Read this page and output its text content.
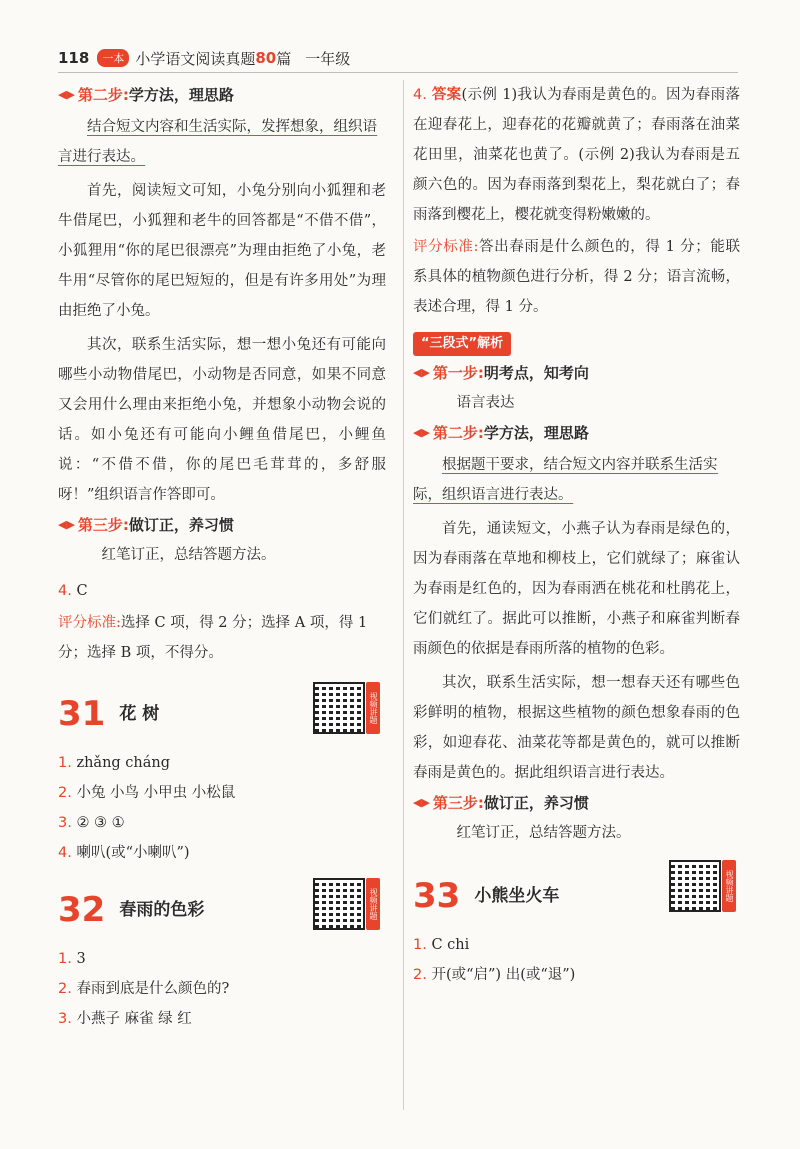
118	一本 小学语文阅读真题 80 篇 一年级
◀▶ 第二步: 学方法，理思路
结合短文内容和生活实际，发挥想象，组织语言进行表达。
首先，阅读短文可知，小兔分别向小狐狸和老牛借尾巴，小狐狸和老牛的回答都是“不借不借”，小狐狸用“你的尾巴很漂亮”为理由拒绝了小兔，老牛用“尽管你的尾巴短短的，但是有许多用处”为理由拒绝了小兔。
其次，联系生活实际，想一想小兔还有可能向哪些小动物借尾巴，小动物是否同意，如果不同意又会用什么理由来拒绝小兔，并想象小动物会说的话。如小兔还有可能向小鲤鱼借尾巴，小鲤鱼说：“不借不借，你的尾巴毛茸茸的，多舒服呀！”组织语言作答即可。
◀▶ 第三步: 做订正，养习惯
红笔订正，总结答题方法。
4. C
评分标准:选择 C 项，得 2 分；选择 A 项，得 1 分；选择 B 项，不得分。
31 花 树	视频讲题
1. zhǎng cháng
2. 小兔 小鸟 小甲虫 小松鼠
3. ② ③ ①
4. 喇叭(或“小喇叭”)
32 春雨的色彩	视频讲题
1. 3
2. 春雨到底是什么颜色的?
3. 小燕子 麻雀 绿 红
4. 答案(示例 1)我认为春雨是黄色的。因为春雨落在迎春花上，迎春花的花瓣就黄了；春雨落在油菜花田里，油菜花也黄了。(示例 2)我认为春雨是五颜六色的。因为春雨落到梨花上，梨花就白了；春雨落到樱花上，樱花就变得粉嫩嫩的。
评分标准:答出春雨是什么颜色的，得 1 分；能联系具体的植物颜色进行分析，得 2 分；语言流畅，表述合理，得 1 分。
“三段式”解析
◀▶ 第一步: 明考点，知考向
语言表达
◀▶ 第二步: 学方法，理思路
根据题干要求，结合短文内容并联系生活实际，组织语言进行表达。
首先，通读短文，小燕子认为春雨是绿色的，因为春雨落在草地和柳枝上，它们就绿了；麻雀认为春雨是红色的，因为春雨洒在桃花和杜鹃花上，它们就红了。据此可以推断，小燕子和麻雀判断春雨颜色的依据是春雨所落的植物的色彩。
其次，联系生活实际，想一想春天还有哪些色彩鲜明的植物，根据这些植物的颜色想象春雨的色彩，如迎春花、油菜花等都是黄色的，就可以推断春雨是黄色的。据此组织语言进行表达。
◀▶ 第三步: 做订正，养习惯
红笔订正，总结答题方法。
33 小熊坐火车	视频讲题
1. C chi
2. 开(或“启”) 出(或“退”)
